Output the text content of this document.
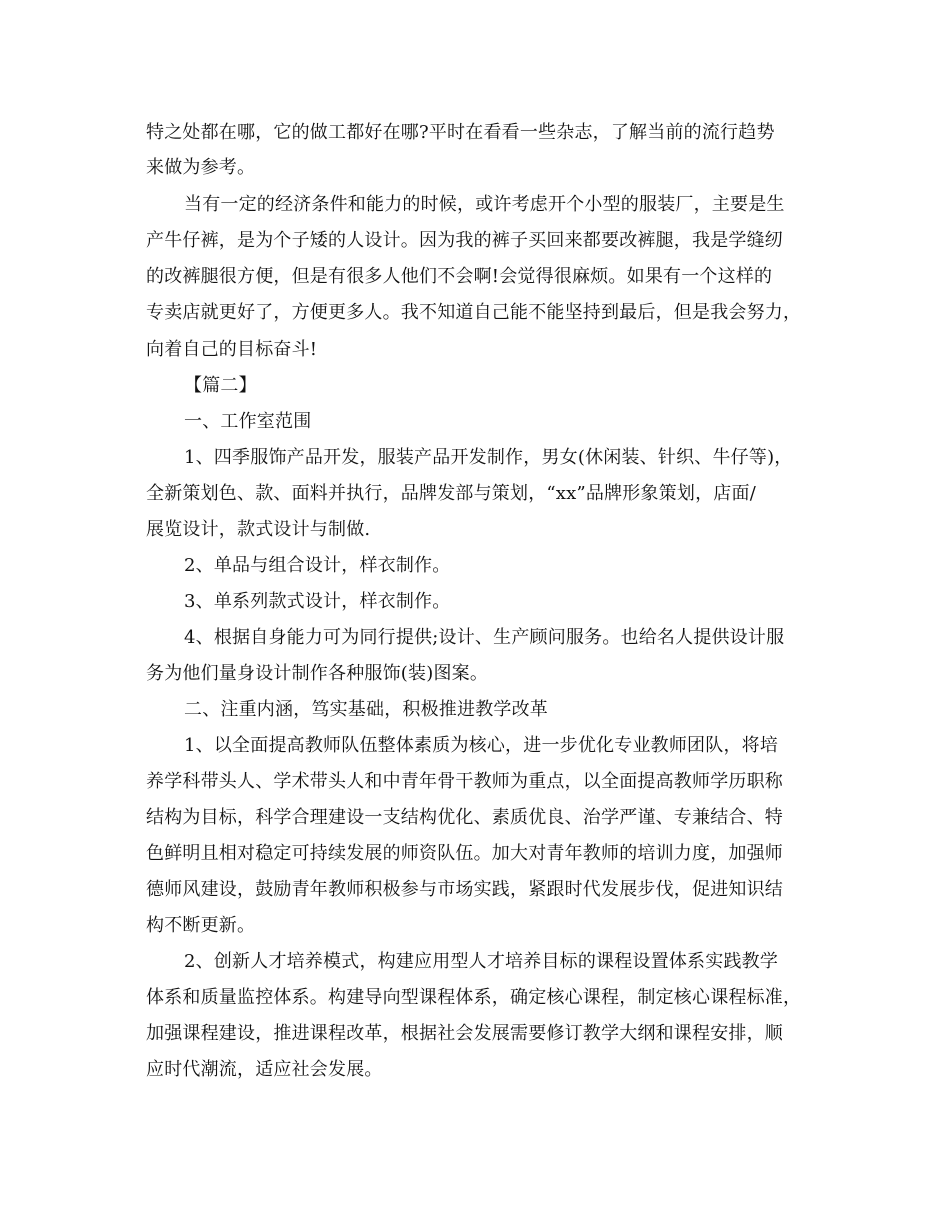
特之处都在哪，它的做工都好在哪?平时在看看一些杂志，了解当前的流行趋势
来做为参考。
当有一定的经济条件和能力的时候，或许考虑开个小型的服装厂，主要是生
产牛仔裤，是为个子矮的人设计。因为我的裤子买回来都要改裤腿，我是学缝纫
的改裤腿很方便，但是有很多人他们不会啊!会觉得很麻烦。如果有一个这样的
专卖店就更好了，方便更多人。我不知道自己能不能坚持到最后，但是我会努力，
向着自己的目标奋斗!
【篇二】
一、工作室范围
1、四季服饰产品开发，服装产品开发制作，男女(休闲装、针织、牛仔等)，
全新策划色、款、面料并执行，品牌发部与策划，“xx”品牌形象策划，店面/
展览设计，款式设计与制做.
2、单品与组合设计，样衣制作。
3、单系列款式设计，样衣制作。
4、根据自身能力可为同行提供;设计、生产顾问服务。也给名人提供设计服
务为他们量身设计制作各种服饰(装)图案。
二、注重内涵，笃实基础，积极推进教学改革
1、以全面提高教师队伍整体素质为核心，进一步优化专业教师团队，将培
养学科带头人、学术带头人和中青年骨干教师为重点，以全面提高教师学历职称
结构为目标，科学合理建设一支结构优化、素质优良、治学严谨、专兼结合、特
色鲜明且相对稳定可持续发展的师资队伍。加大对青年教师的培训力度，加强师
德师风建设，鼓励青年教师积极参与市场实践，紧跟时代发展步伐，促进知识结
构不断更新。
2、创新人才培养模式，构建应用型人才培养目标的课程设置体系实践教学
体系和质量监控体系。构建导向型课程体系，确定核心课程，制定核心课程标准，
加强课程建设，推进课程改革，根据社会发展需要修订教学大纲和课程安排，顺
应时代潮流，适应社会发展。
